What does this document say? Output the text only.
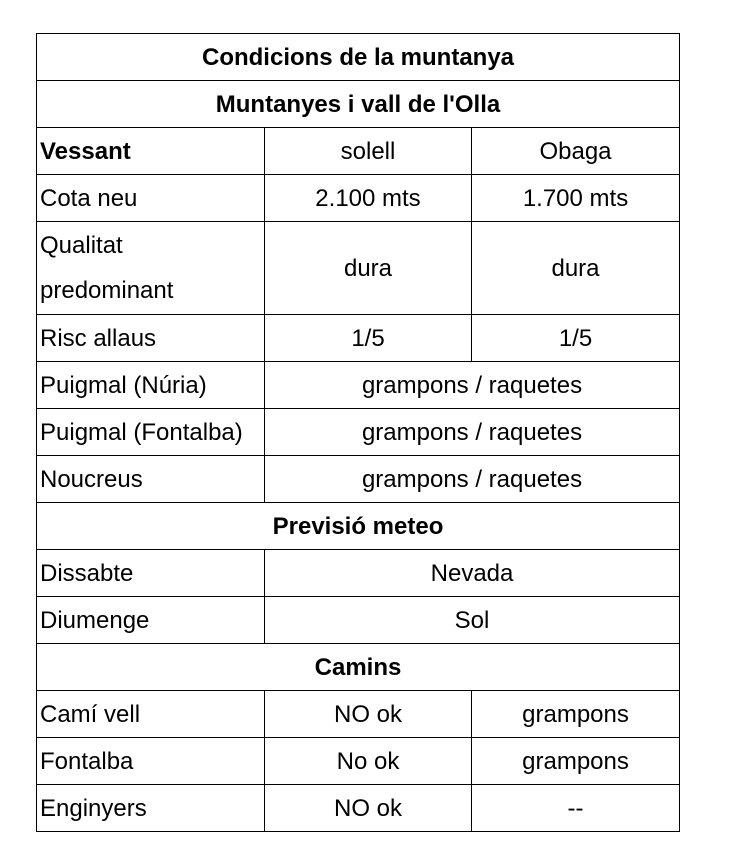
Condicions de la muntanya		
Muntanyes i vall de l'Olla		
Vessant	solell	Obaga
Cota neu	2.100 mts	1.700 mts
Qualitat predominant	dura	dura
Risc allaus	1/5	1/5
Puigmal (Núria)	grampons / raquetes	
Puigmal (Fontalba)	grampons / raquetes	
Noucreus	grampons / raquetes	
Previsió meteo		
Dissabte	Nevada	
Diumenge	Sol	
Camins		
Camí vell	NO ok	grampons
Fontalba	No ok	grampons
Enginyers	NO ok	--
